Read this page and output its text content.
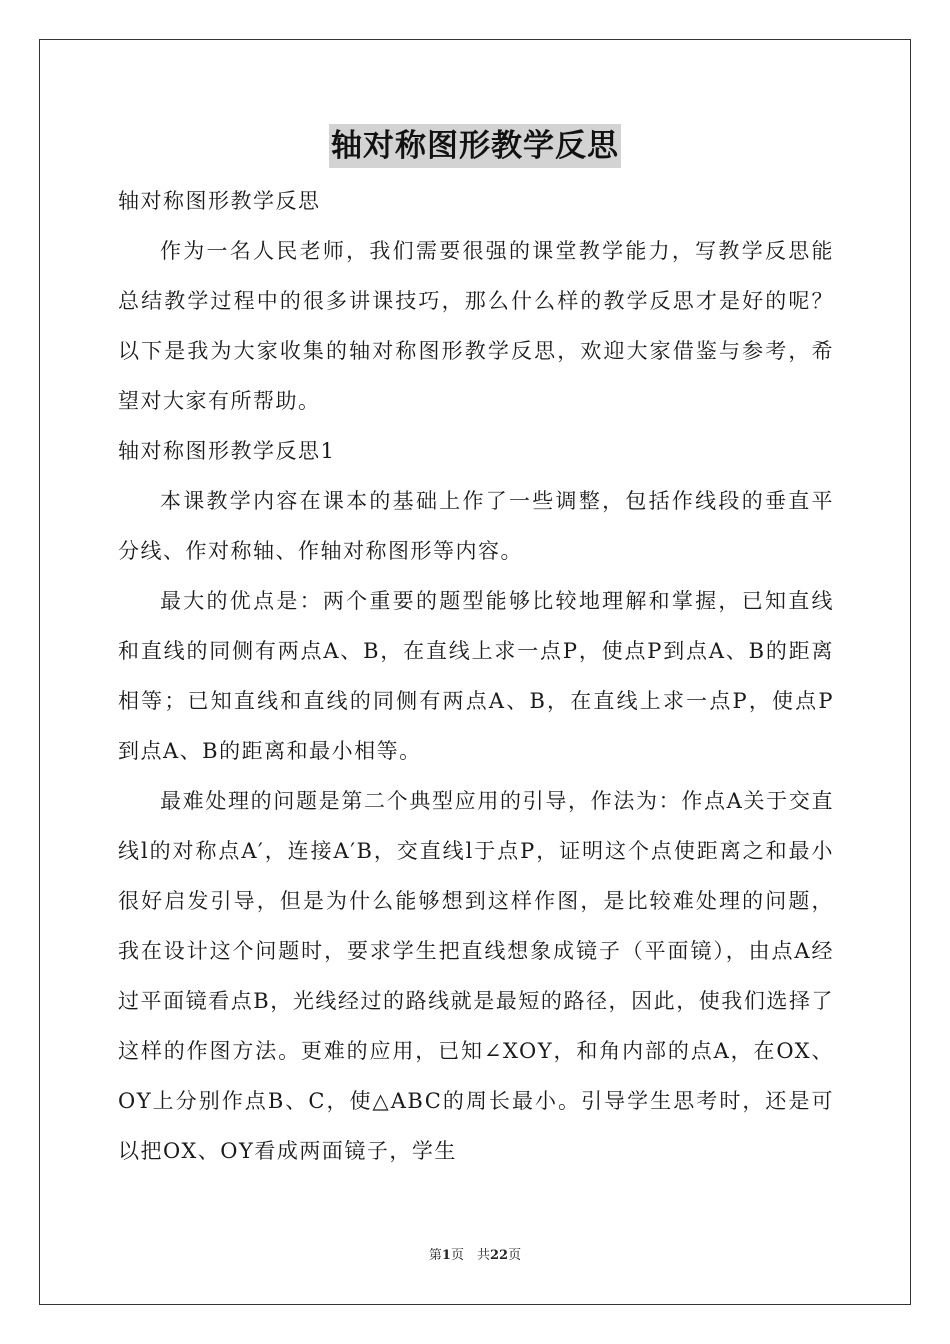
轴对称图形教学反思
轴对称图形教学反思
作为一名人民老师，我们需要很强的课堂教学能力，写教学反思能总结教学过程中的很多讲课技巧，那么什么样的教学反思才是好的呢？以下是我为大家收集的轴对称图形教学反思，欢迎大家借鉴与参考，希望对大家有所帮助。
轴对称图形教学反思1
本课教学内容在课本的基础上作了一些调整，包括作线段的垂直平分线、作对称轴、作轴对称图形等内容。
最大的优点是：两个重要的题型能够比较地理解和掌握，已知直线和直线的同侧有两点A、B，在直线上求一点P，使点P到点A、B的距离相等；已知直线和直线的同侧有两点A、B，在直线上求一点P，使点P到点A、B的距离和最小相等。
最难处理的问题是第二个典型应用的引导，作法为：作点A关于交直线l的对称点A′，连接A′B，交直线l于点P，证明这个点使距离之和最小很好启发引导，但是为什么能够想到这样作图，是比较难处理的问题，我在设计这个问题时，要求学生把直线想象成镜子（平面镜），由点A经过平面镜看点B，光线经过的路线就是最短的路径，因此，使我们选择了这样的作图方法。更难的应用，已知∠XOY，和角内部的点A，在OX、OY上分别作点B、C，使△ABC的周长最小。引导学生思考时，还是可以把OX、OY看成两面镜子，学生
第1页　共22页
